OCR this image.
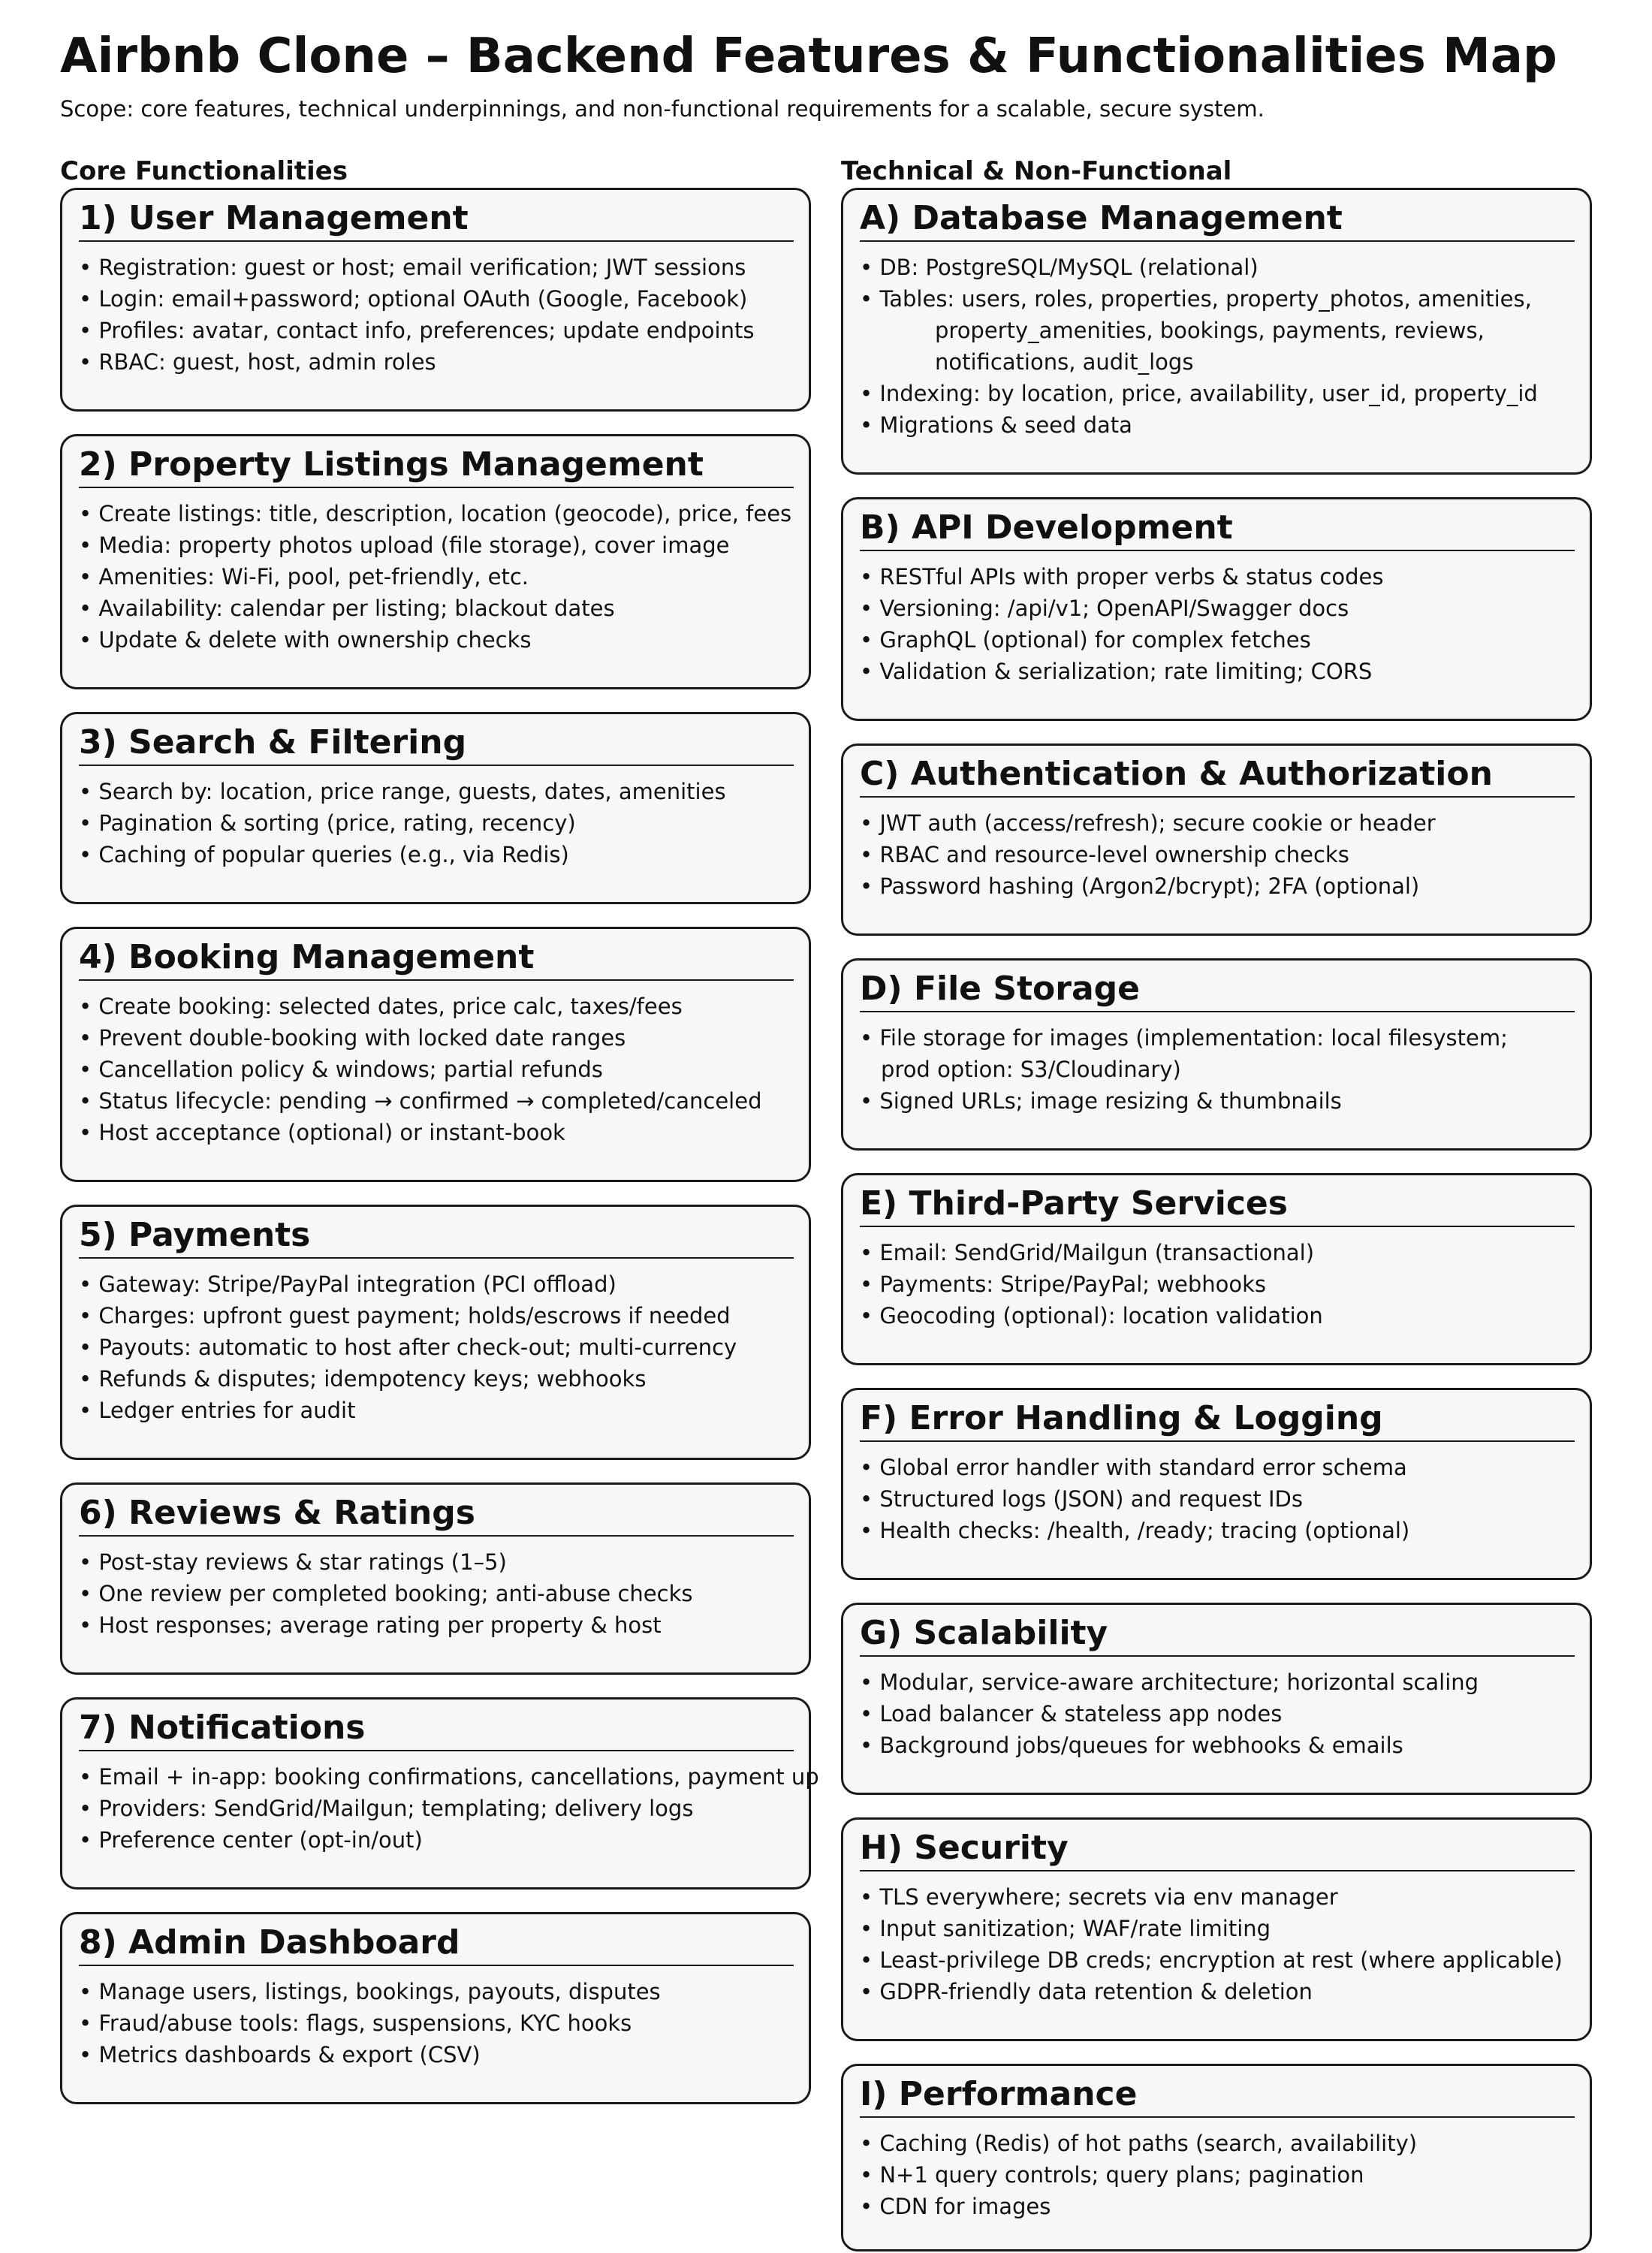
Airbnb Clone – Backend Features & Functionalities Map
Scope: core features, technical underpinnings, and non-functional requirements for a scalable, secure system.
Core Functionalities	Technical & Non-Functional
1) User Management
• Registration: guest or host; email verification; JWT sessions
• Login: email+password; optional OAuth (Google, Facebook)
• Profiles: avatar, contact info, preferences; update endpoints
• RBAC: guest, host, admin roles
2) Property Listings Management
• Create listings: title, description, location (geocode), price, fees
• Media: property photos upload (file storage), cover image
• Amenities: Wi-Fi, pool, pet-friendly, etc.
• Availability: calendar per listing; blackout dates
• Update & delete with ownership checks
3) Search & Filtering
• Search by: location, price range, guests, dates, amenities
• Pagination & sorting (price, rating, recency)
• Caching of popular queries (e.g., via Redis)
4) Booking Management
• Create booking: selected dates, price calc, taxes/fees
• Prevent double-booking with locked date ranges
• Cancellation policy & windows; partial refunds
• Status lifecycle: pending → confirmed → completed/canceled
• Host acceptance (optional) or instant-book
5) Payments
• Gateway: Stripe/PayPal integration (PCI offload)
• Charges: upfront guest payment; holds/escrows if needed
• Payouts: automatic to host after check-out; multi-currency
• Refunds & disputes; idempotency keys; webhooks
• Ledger entries for audit
6) Reviews & Ratings
• Post-stay reviews & star ratings (1–5)
• One review per completed booking; anti-abuse checks
• Host responses; average rating per property & host
7) Notifications
• Email + in-app: booking confirmations, cancellations, payment up
• Providers: SendGrid/Mailgun; templating; delivery logs
• Preference center (opt-in/out)
8) Admin Dashboard
• Manage users, listings, bookings, payouts, disputes
• Fraud/abuse tools: flags, suspensions, KYC hooks
• Metrics dashboards & export (CSV)
A) Database Management
• DB: PostgreSQL/MySQL (relational)
• Tables: users, roles, properties, property_photos, amenities,
property_amenities, bookings, payments, reviews,
notifications, audit_logs
• Indexing: by location, price, availability, user_id, property_id
• Migrations & seed data
B) API Development
• RESTful APIs with proper verbs & status codes
• Versioning: /api/v1; OpenAPI/Swagger docs
• GraphQL (optional) for complex fetches
• Validation & serialization; rate limiting; CORS
C) Authentication & Authorization
• JWT auth (access/refresh); secure cookie or header
• RBAC and resource-level ownership checks
• Password hashing (Argon2/bcrypt); 2FA (optional)
D) File Storage
• File storage for images (implementation: local filesystem;
prod option: S3/Cloudinary)
• Signed URLs; image resizing & thumbnails
E) Third-Party Services
• Email: SendGrid/Mailgun (transactional)
• Payments: Stripe/PayPal; webhooks
• Geocoding (optional): location validation
F) Error Handling & Logging
• Global error handler with standard error schema
• Structured logs (JSON) and request IDs
• Health checks: /health, /ready; tracing (optional)
G) Scalability
• Modular, service-aware architecture; horizontal scaling
• Load balancer & stateless app nodes
• Background jobs/queues for webhooks & emails
H) Security
• TLS everywhere; secrets via env manager
• Input sanitization; WAF/rate limiting
• Least-privilege DB creds; encryption at rest (where applicable)
• GDPR-friendly data retention & deletion
I) Performance
• Caching (Redis) of hot paths (search, availability)
• N+1 query controls; query plans; pagination
• CDN for images
